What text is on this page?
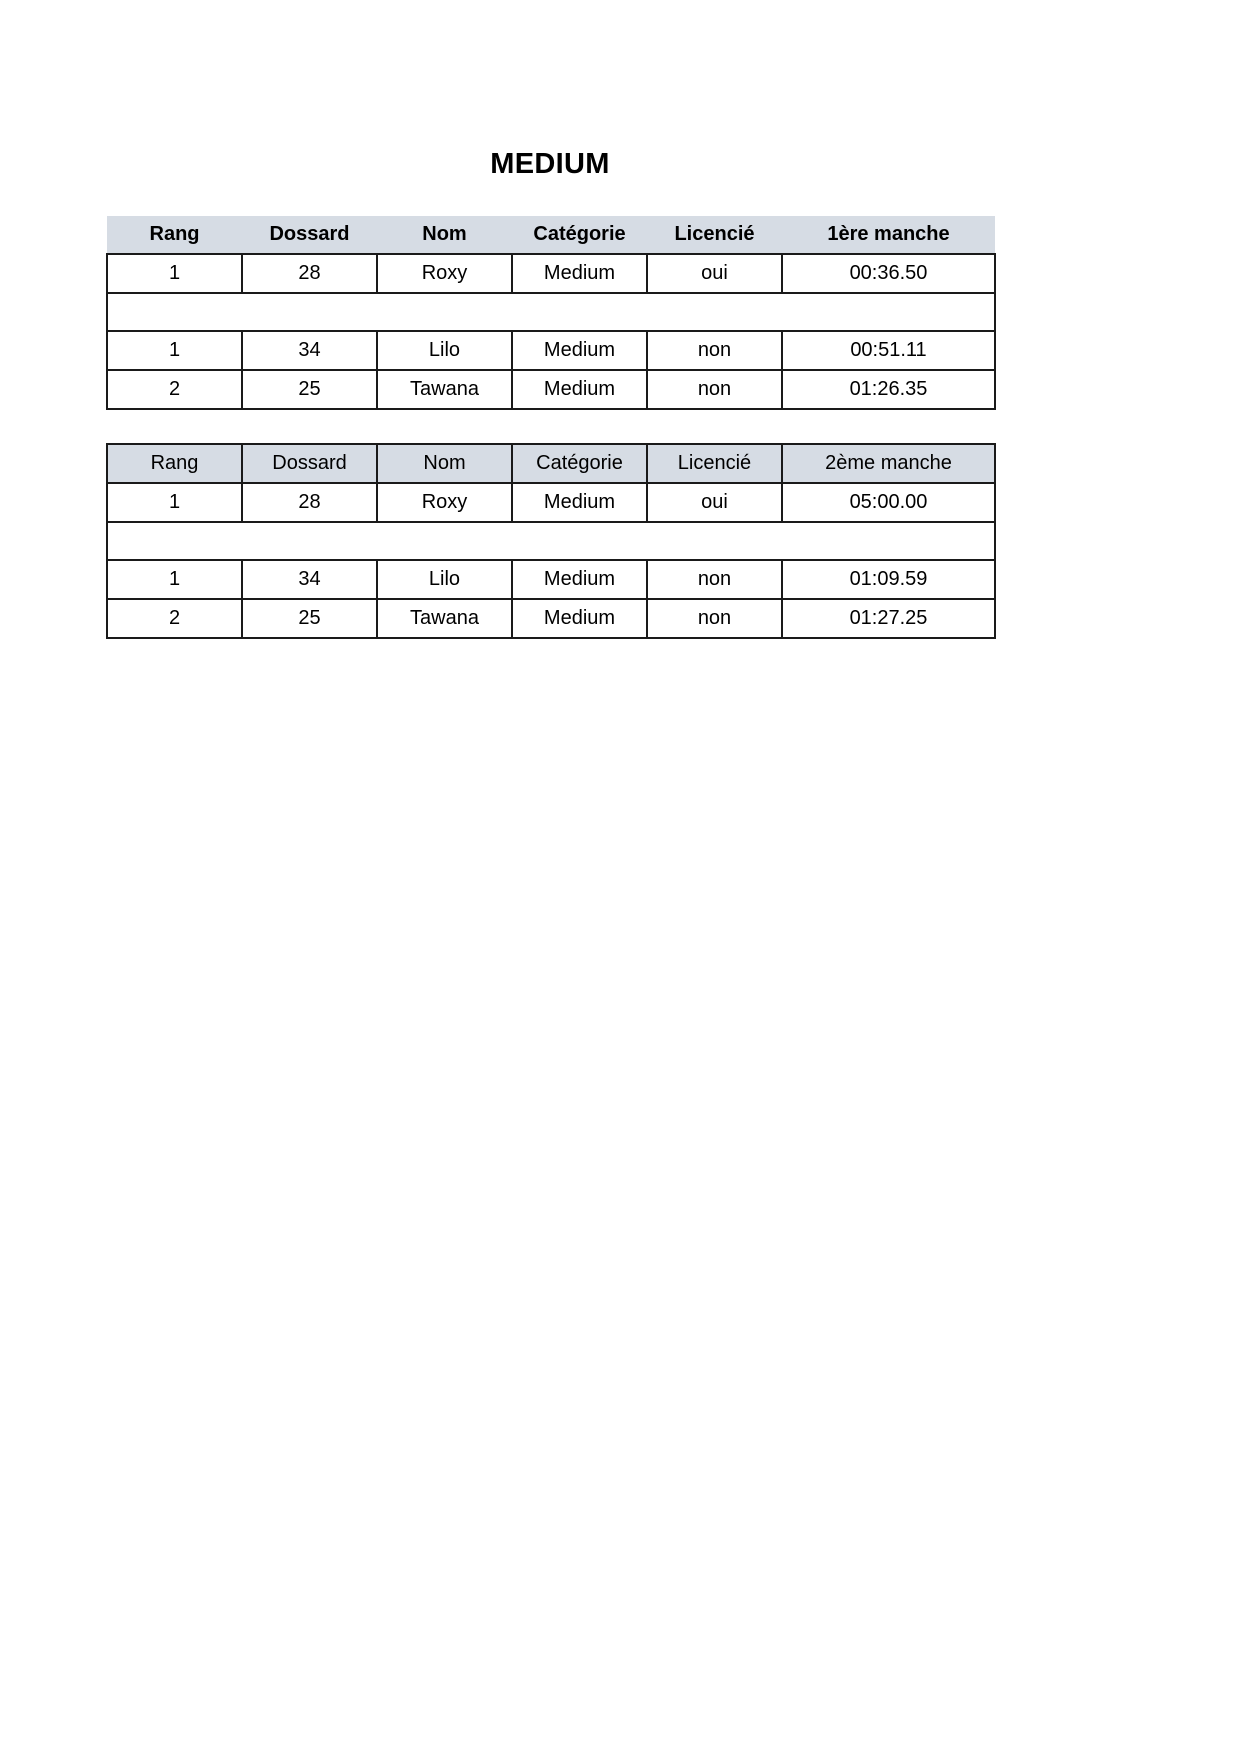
MEDIUM
Rang	Dossard	Nom	Catégorie	Licencié	1ère manche
1	28	Roxy	Medium	oui	00:36.50

1	34	Lilo	Medium	non	00:51.11
2	25	Tawana	Medium	non	01:26.35
Rang	Dossard	Nom	Catégorie	Licencié	2ème manche
1	28	Roxy	Medium	oui	05:00.00

1	34	Lilo	Medium	non	01:09.59
2	25	Tawana	Medium	non	01:27.25
